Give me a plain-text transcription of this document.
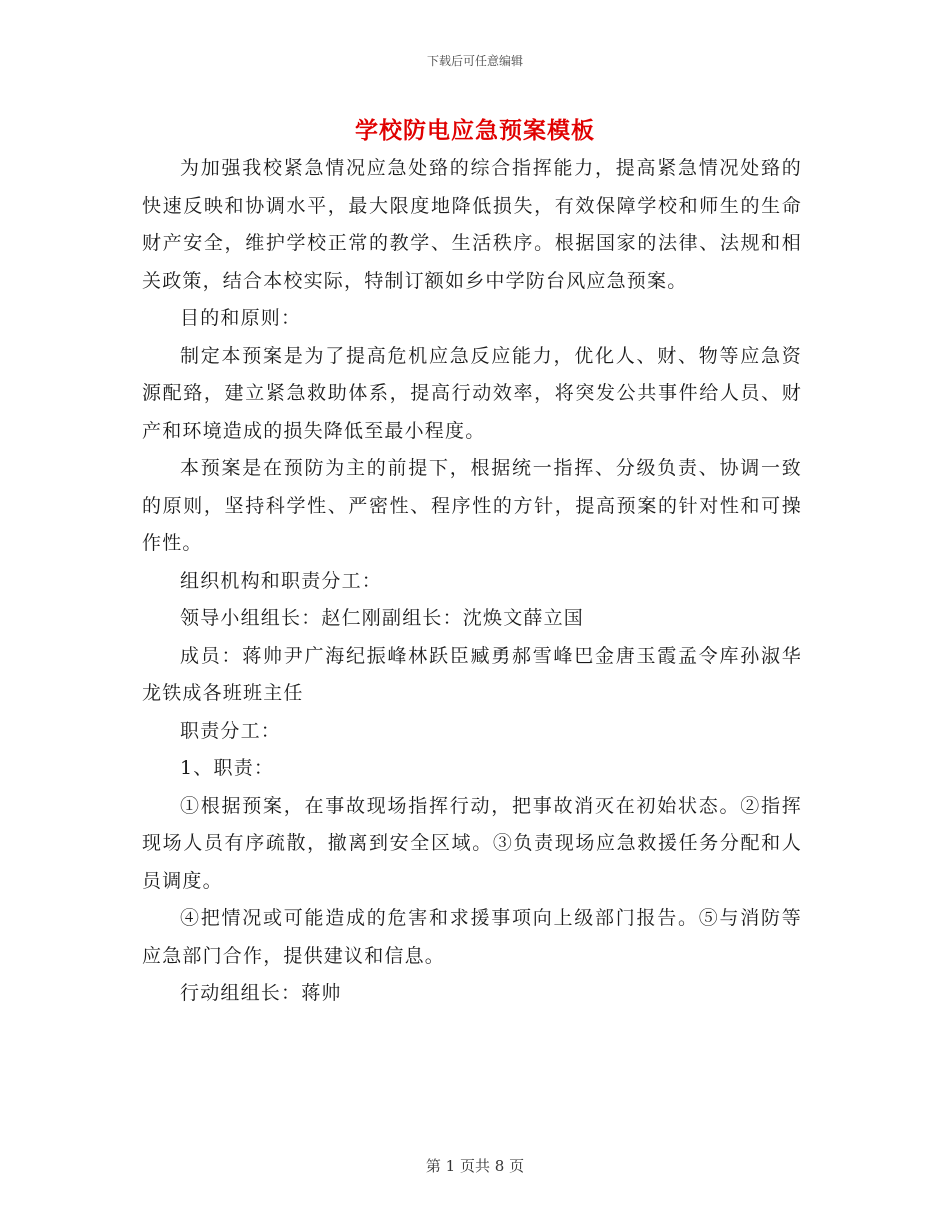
下载后可任意编辑
学校防电应急预案模板

为加强我校紧急情况应急处臵的综合指挥能力，提高紧急情况处臵的快速反映和协调水平，最大限度地降低损失，有效保障学校和师生的生命财产安全，维护学校正常的教学、生活秩序。根据国家的法律、法规和相关政策，结合本校实际，特制订额如乡中学防台风应急预案。

目的和原则：

制定本预案是为了提高危机应急反应能力，优化人、财、物等应急资源配臵，建立紧急救助体系，提高行动效率，将突发公共事件给人员、财产和环境造成的损失降低至最小程度。

本预案是在预防为主的前提下，根据统一指挥、分级负责、协调一致的原则，坚持科学性、严密性、程序性的方针，提高预案的针对性和可操作性。

组织机构和职责分工：

领导小组组长：赵仁刚副组长：沈焕文薛立国

成员：蒋帅尹广海纪振峰林跃臣臧勇郝雪峰巴金唐玉霞孟令库孙淑华龙铁成各班班主任

职责分工：

1、职责：

①根据预案，在事故现场指挥行动，把事故消灭在初始状态。②指挥现场人员有序疏散，撤离到安全区域。③负责现场应急救援任务分配和人员调度。

④把情况或可能造成的危害和求援事项向上级部门报告。⑤与消防等应急部门合作，提供建议和信息。

行动组组长：蒋帅

第 1 页共 8 页
